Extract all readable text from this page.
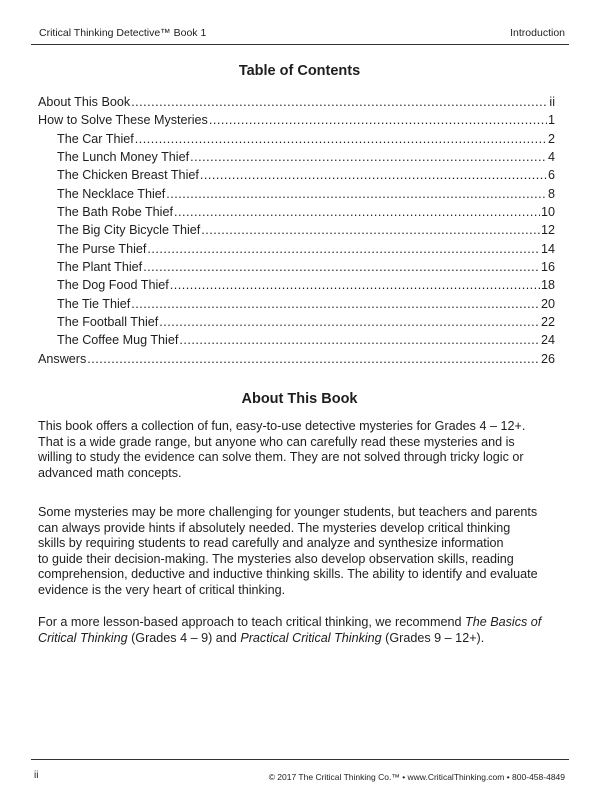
Critical Thinking Detective™ Book 1	Introduction
Table of Contents
About This Book .....	ii
How to Solve These Mysteries .....	1
The Car Thief .....	2
The Lunch Money Thief .....	4
The Chicken Breast Thief .....	6
The Necklace Thief .....	8
The Bath Robe Thief .....	10
The Big City Bicycle Thief .....	12
The Purse Thief .....	14
The Plant Thief .....	16
The Dog Food Thief .....	18
The Tie Thief .....	20
The Football Thief .....	22
The Coffee Mug Thief .....	24
Answers .....	26
About This Book

This book offers a collection of fun, easy-to-use detective mysteries for Grades 4 – 12+.
That is a wide grade range, but anyone who can carefully read these mysteries and is
willing to study the evidence can solve them. They are not solved through tricky logic or
advanced math concepts.

Some mysteries may be more challenging for younger students, but teachers and parents
can always provide hints if absolutely needed. The mysteries develop critical thinking
skills by requiring students to read carefully and analyze and synthesize information
to guide their decision-making. The mysteries also develop observation skills, reading
comprehension, deductive and inductive thinking skills. The ability to identify and evaluate
evidence is the very heart of critical thinking.

For a more lesson-based approach to teach critical thinking, we recommend The Basics of
Critical Thinking (Grades 4 – 9) and Practical Critical Thinking (Grades 9 – 12+).

ii	© 2017 The Critical Thinking Co.™ • www.CriticalThinking.com • 800-458-4849
